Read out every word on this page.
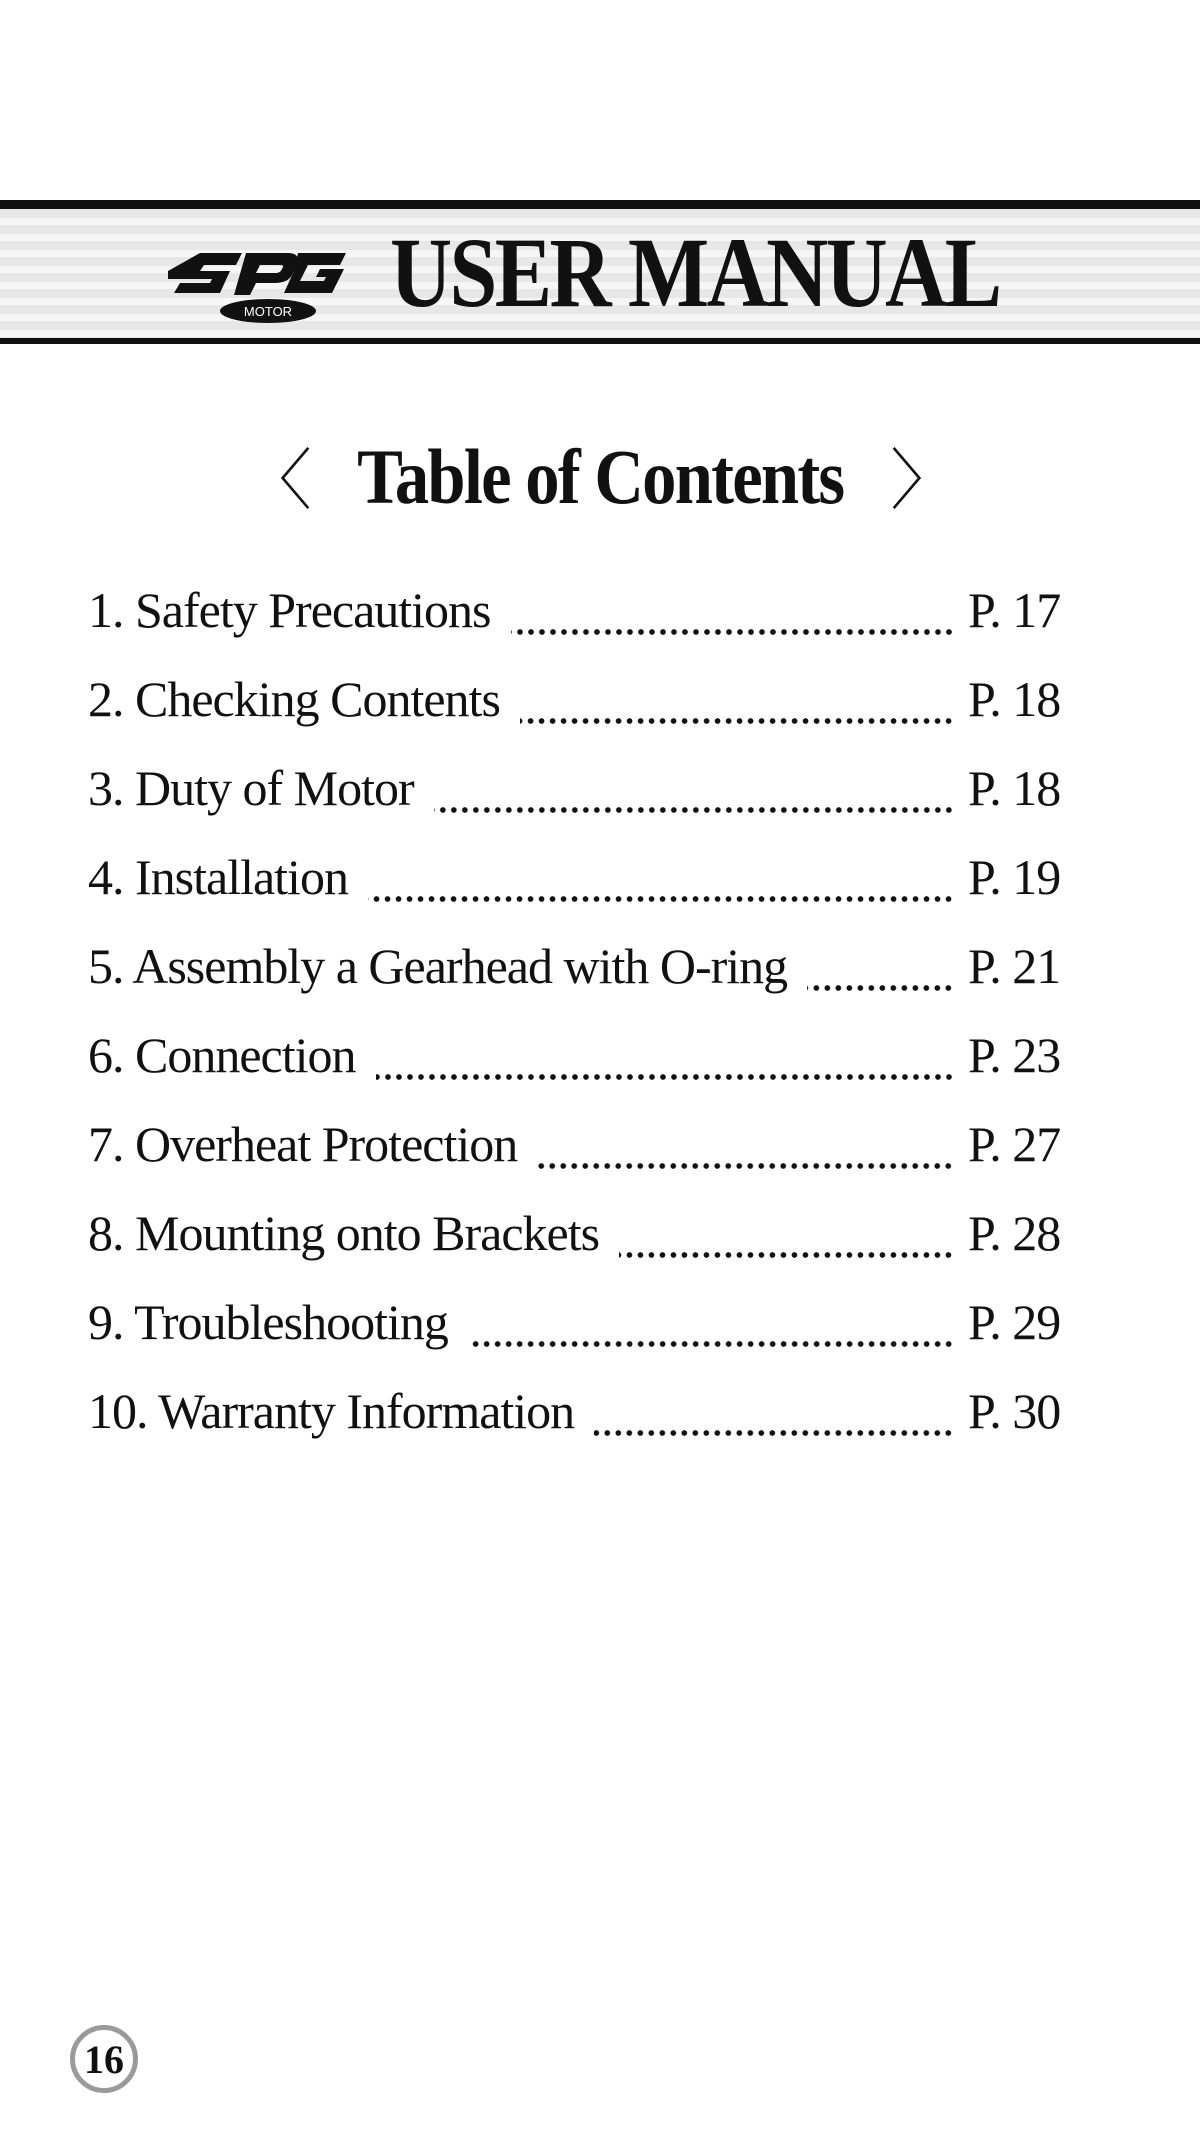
MOTOR USER MANUAL
〈 Table of Contents 〉
1. Safety Precautions	P. 17
2. Checking Contents	P. 18
3. Duty of Motor	P. 18
4. Installation	P. 19
5. Assembly a Gearhead with O-ring	P. 21
6. Connection	P. 23
7. Overheat Protection	P. 27
8. Mounting onto Brackets	P. 28
9. Troubleshooting	P. 29
10. Warranty Information	P. 30
16
